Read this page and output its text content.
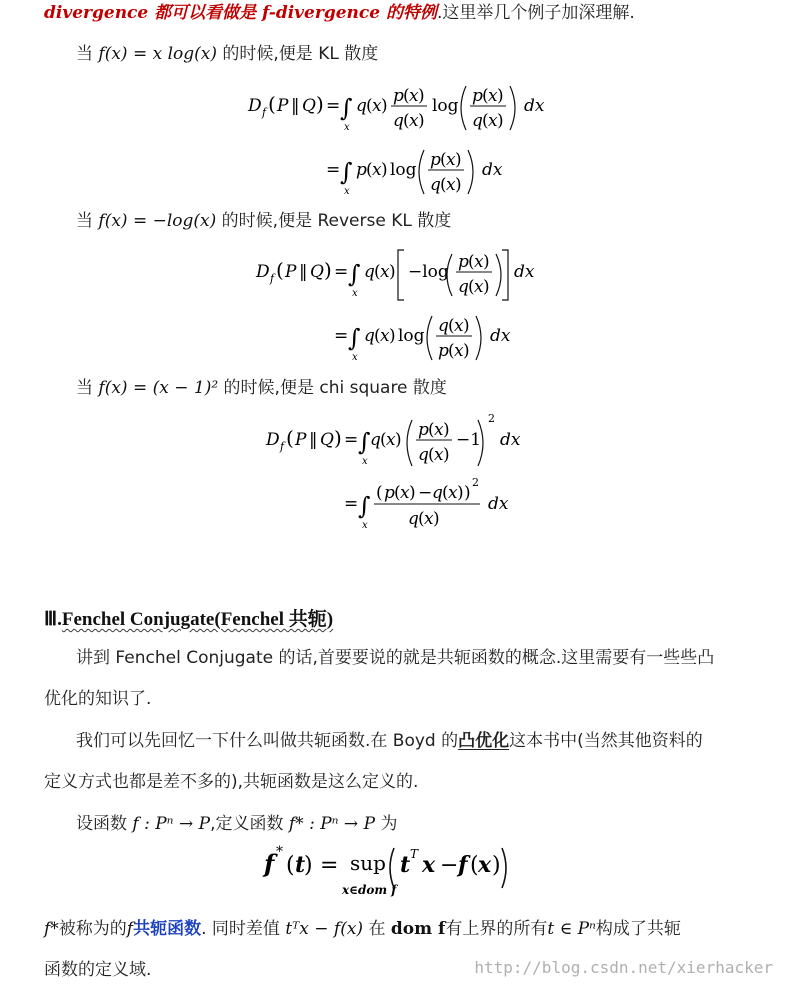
divergence 都可以看做是 f-divergence 的特例.这里举几个例子加深理解.
当 f(x) = x log(x) 的时候,便是 KL 散度
D f ( P ‖ Q ) = ∫
x
q ( x ) p ( x )
q ( x )
log p ( x )
q ( x )
dx
= ∫
x
p ( x ) log p ( x )
q ( x )
dx
当 f(x) = −log(x) 的时候,便是 Reverse KL 散度
D f ( P ‖ Q ) = ∫
x
q ( x ) −log p ( x )
q ( x )
dx
= ∫
x
q ( x ) log q ( x )
p ( x )
dx
当 f(x) = (x − 1)² 的时候,便是 chi square 散度
D f ( P ‖ Q ) = ∫
x
q ( x ) p ( x )
q ( x )
−1
2
dx
= ∫
x
( p ( x ) − q ( x ) )
2
q ( x )
dx
Ⅲ.Fenchel Conjugate(Fenchel 共轭)
讲到 Fenchel Conjugate 的话,首要要说的就是共轭函数的概念.这里需要有一些些凸
优化的知识了.
我们可以先回忆一下什么叫做共轭函数.在 Boyd 的凸优化这本书中(当然其他资料的
定义方式也都是差不多的),共轭函数是这么定义的.
设函数 f : Pⁿ → P,定义函数 f* : Pⁿ → P 为
f *
( t
) = sup
x∈dom f
t T x − f ( x )
f*被称为的f共轭函数. 同时差值 tᵀx − f(x) 在 dom f有上界的所有t ∈ Pⁿ构成了共轭
函数的定义域.	http://blog.csdn.net/xierhacker
